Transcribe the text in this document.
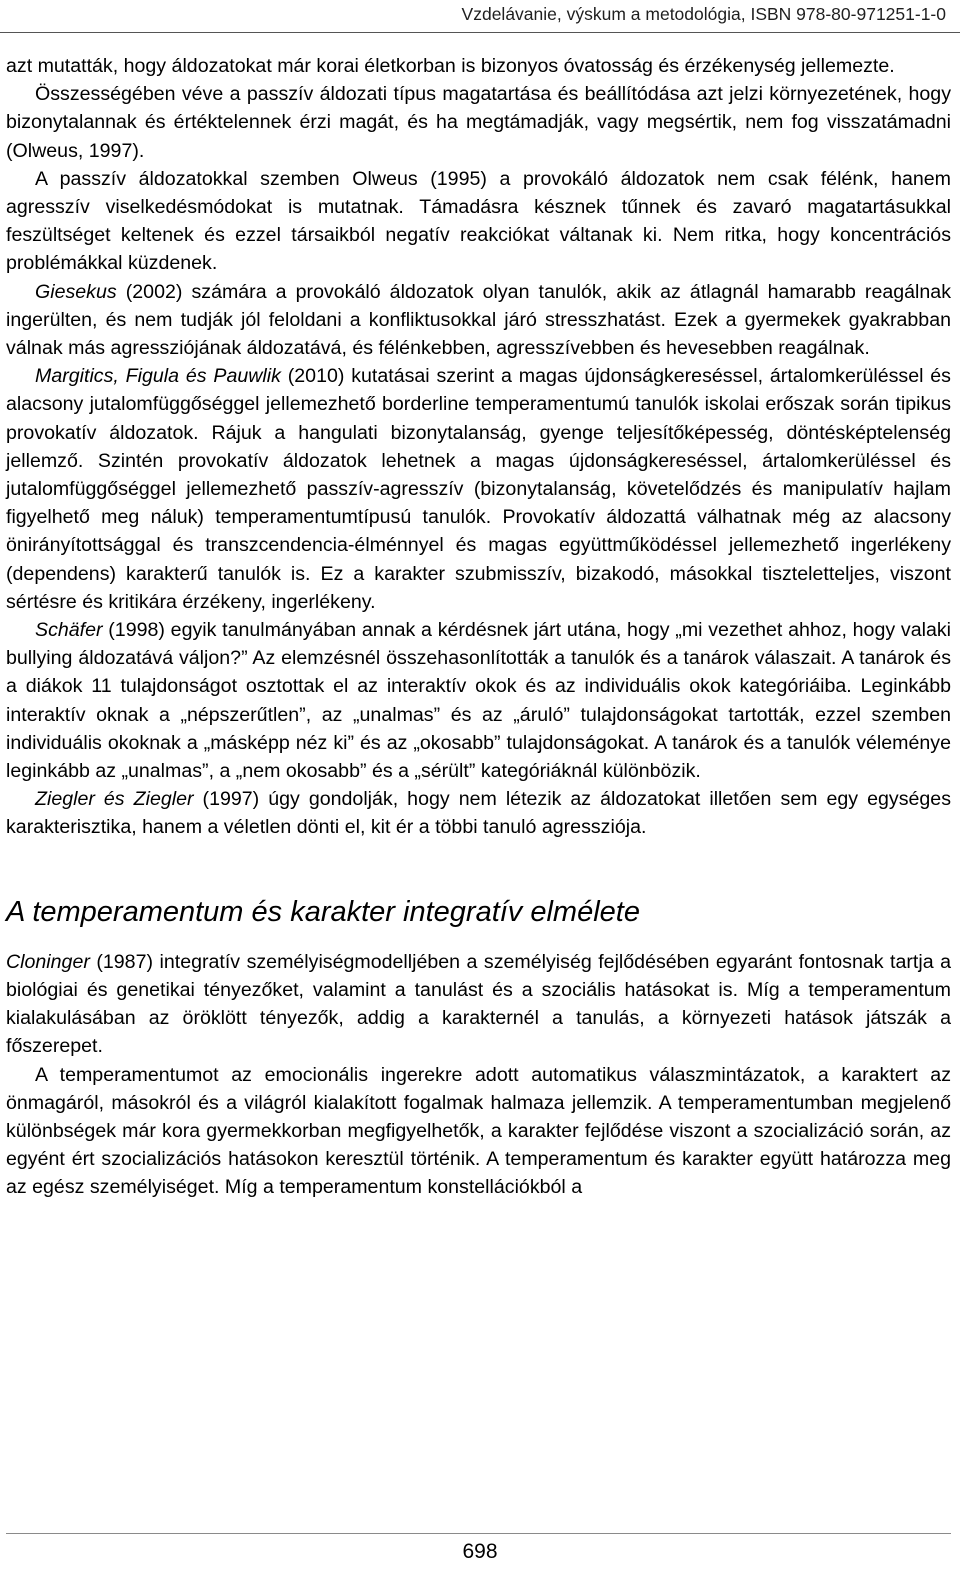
Vzdelávanie, výskum a metodológia, ISBN 978-80-971251-1-0

azt mutatták, hogy áldozatokat már korai életkorban is bizonyos óvatosság és érzékenység jellemezte.

Összességében véve a passzív áldozati típus magatartása és beállítódása azt jelzi környezetének, hogy bizonytalannak és értéktelennek érzi magát, és ha megtámadják, vagy megsértik, nem fog visszatámadni (Olweus, 1997).

A passzív áldozatokkal szemben Olweus (1995) a provokáló áldozatok nem csak félénk, hanem agresszív viselkedésmódokat is mutatnak. Támadásra késznek tűnnek és zavaró magatartásukkal feszültséget keltenek és ezzel társaikból negatív reakciókat váltanak ki. Nem ritka, hogy koncentrációs problémákkal küzdenek.

Giesekus (2002) számára a provokáló áldozatok olyan tanulók, akik az átlagnál hamarabb reagálnak ingerülten, és nem tudják jól feloldani a konfliktusokkal járó stresszhatást. Ezek a gyermekek gyakrabban válnak más agressziójának áldozatává, és félénkebben, agresszívebben és hevesebben reagálnak.

Margitics, Figula és Pauwlik (2010) kutatásai szerint a magas újdonságkereséssel, ártalomkerüléssel és alacsony jutalomfüggőséggel jellemezhető borderline temperamentumú tanulók iskolai erőszak során tipikus provokatív áldozatok. Rájuk a hangulati bizonytalanság, gyenge teljesítőképesség, döntésképtelenség jellemző. Szintén provokatív áldozatok lehetnek a magas újdonságkereséssel, ártalomkerüléssel és jutalomfüggőséggel jellemezhető passzív-agresszív (bizonytalanság, követelődzés és manipulatív hajlam figyelhető meg náluk) temperamentumtípusú tanulók. Provokatív áldozattá válhatnak még az alacsony önirányítottsággal és transzcendencia-élménnyel és magas együttműködéssel jellemezhető ingerlékeny (dependens) karakterű tanulók is. Ez a karakter szubmisszív, bizakodó, másokkal tiszteletteljes, viszont sértésre és kritikára érzékeny, ingerlékeny.

Schäfer (1998) egyik tanulmányában annak a kérdésnek járt utána, hogy „mi vezethet ahhoz, hogy valaki bullying áldozatává váljon?” Az elemzésnél összehasonlították a tanulók és a tanárok válaszait. A tanárok és a diákok 11 tulajdonságot osztottak el az interaktív okok és az individuális okok kategóriáiba. Leginkább interaktív oknak a „népszerűtlen”, az „unalmas” és az „áruló” tulajdonságokat tartották, ezzel szemben individuális okoknak a „másképp néz ki” és az „okosabb” tulajdonságokat. A tanárok és a tanulók véleménye leginkább az „unalmas”, a „nem okosabb” és a „sérült” kategóriáknál különbözik.

Ziegler és Ziegler (1997) úgy gondolják, hogy nem létezik az áldozatokat illetően sem egy egységes karakterisztika, hanem a véletlen dönti el, kit ér a többi tanuló agressziója.

A temperamentum és karakter integratív elmélete

Cloninger (1987) integratív személyiségmodelljében a személyiség fejlődésében egyaránt fontosnak tartja a biológiai és genetikai tényezőket, valamint a tanulást és a szociális hatásokat is. Míg a temperamentum kialakulásában az öröklött tényezők, addig a karakternél a tanulás, a környezeti hatások játszák a főszerepet.

A temperamentumot az emocionális ingerekre adott automatikus válaszmintázatok, a karaktert az önmagáról, másokról és a világról kialakított fogalmak halmaza jellemzik. A temperamentumban megjelenő különbségek már kora gyermekkorban megfigyelhetők, a karakter fejlődése viszont a szocializáció során, az egyént ért szocializációs hatásokon keresztül történik. A temperamentum és karakter együtt határozza meg az egész személyiséget. Míg a temperamentum konstellációkból a

698
